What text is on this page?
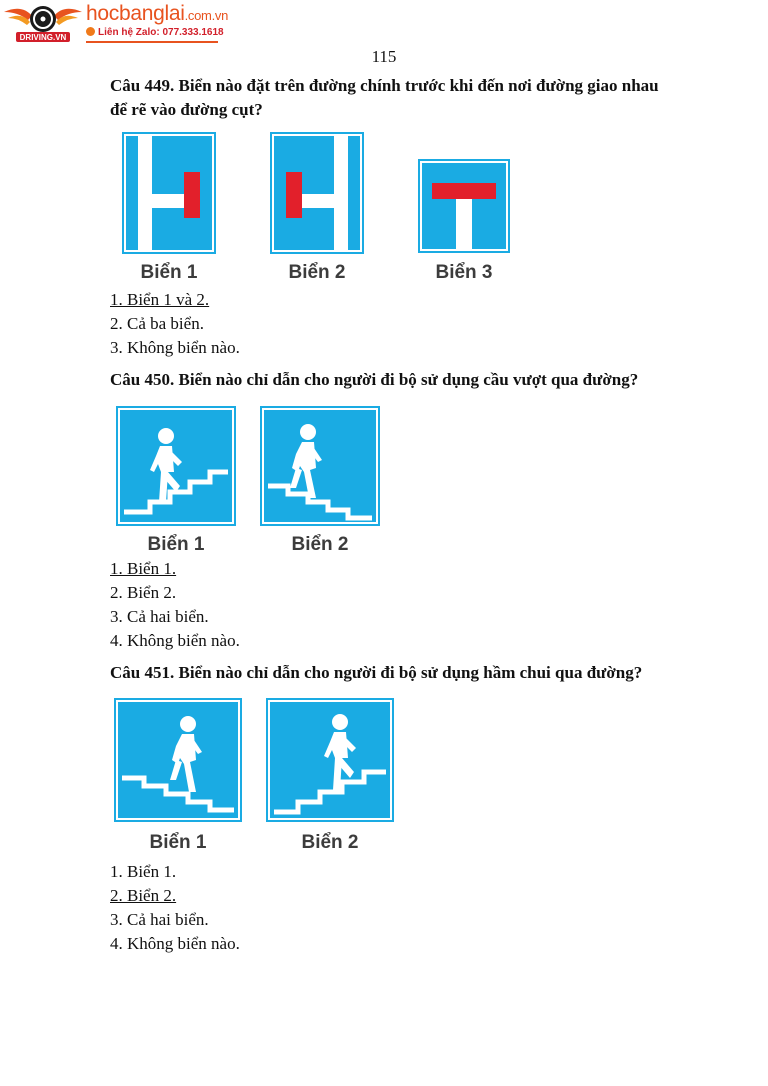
DRIVING.VN
hocbanglai.com.vn
Liên hệ Zalo: 077.333.1618
115
Câu 449. Biển nào đặt trên đường chính trước khi đến nơi đường giao nhau
để rẽ vào đường cụt?
Biển 1	Biển 2	Biển 3
1. Biển 1 và 2.
2. Cả ba biển.
3. Không biển nào.
Câu 450. Biển nào chỉ dẫn cho người đi bộ sử dụng cầu vượt qua đường?
Biển 1	Biển 2
1. Biển 1.
2. Biển 2.
3. Cả hai biển.
4. Không biển nào.
Câu 451. Biển nào chỉ dẫn cho người đi bộ sử dụng hầm chui qua đường?
Biển 1	Biển 2
1. Biển 1.
2. Biển 2.
3. Cả hai biển.
4. Không biển nào.
